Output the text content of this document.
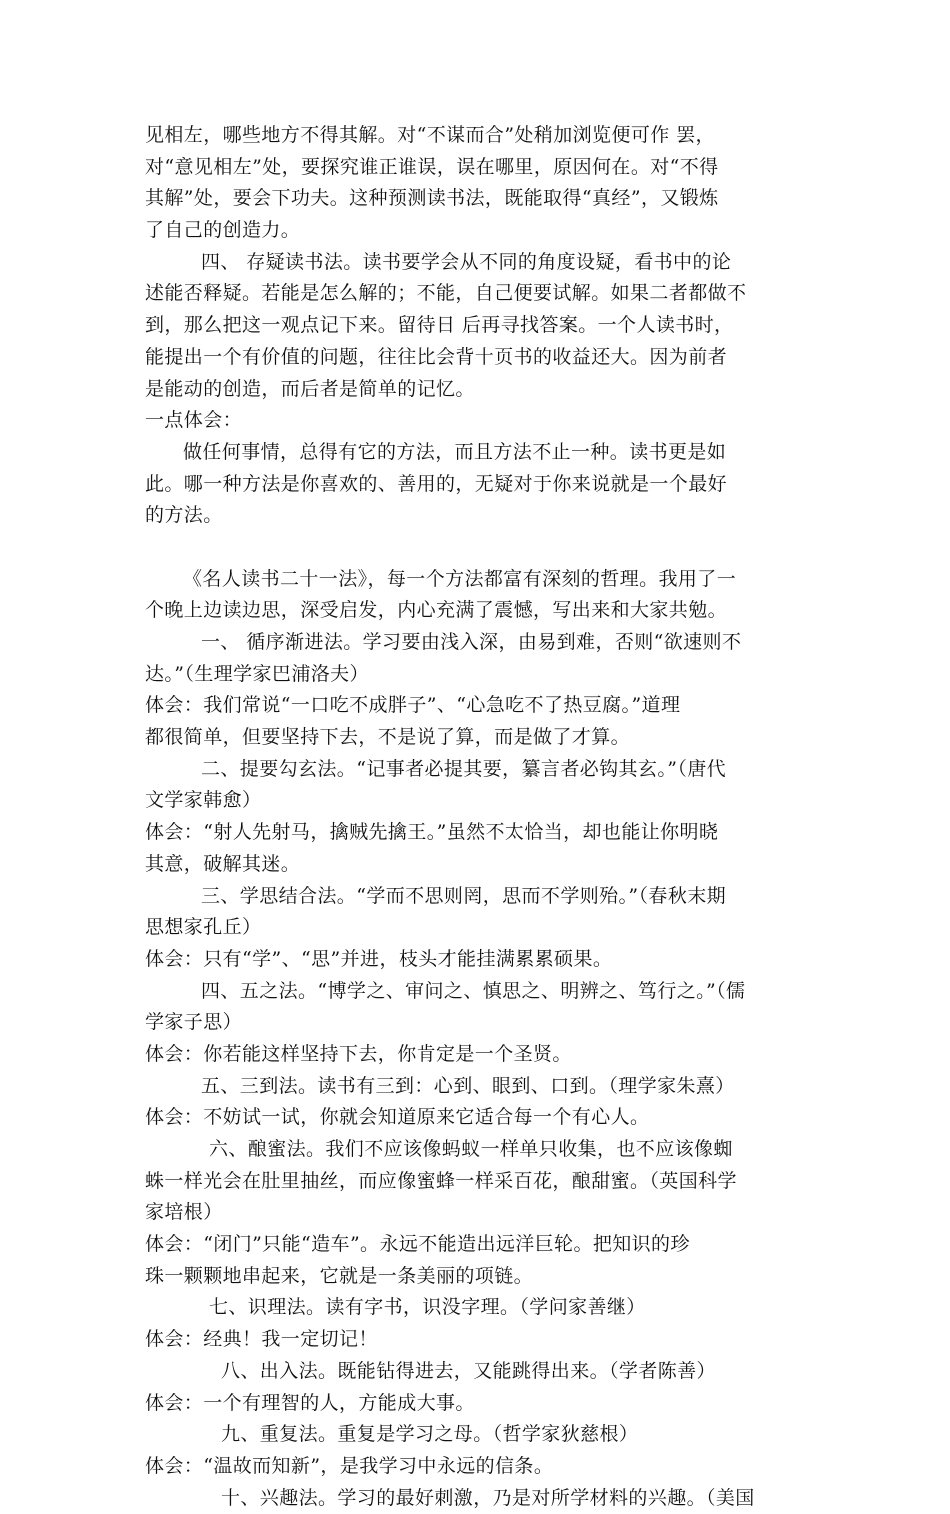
见相左，哪些地方不得其解。对“不谋而合”处稍加浏览便可作 罢，
对“意见相左”处，要探究谁正谁误，误在哪里，原因何在。对“不得
其解”处，要会下功夫。这种预测读书法，既能取得“真经”，又锻炼
了自己的创造力。
四、 存疑读书法。读书要学会从不同的角度设疑，看书中的论
述能否释疑。若能是怎么解的；不能，自己便要试解。如果二者都做不
到，那么把这一观点记下来。留待日 后再寻找答案。一个人读书时，
能提出一个有价值的问题，往往比会背十页书的收益还大。因为前者
是能动的创造，而后者是简单的记忆。
一点体会：
做任何事情，总得有它的方法，而且方法不止一种。读书更是如
此。哪一种方法是你喜欢的、善用的，无疑对于你来说就是一个最好
的方法。
《名人读书二十一法》，每一个方法都富有深刻的哲理。我用了一
个晚上边读边思，深受启发，内心充满了震憾，写出来和大家共勉。
一、 循序渐进法。学习要由浅入深，由易到难，否则“欲速则不
达。”（生理学家巴浦洛夫）
体会：我们常说“一口吃不成胖子”、“心急吃不了热豆腐。”道理
都很简单，但要坚持下去，不是说了算，而是做了才算。
二、提要勾玄法。“记事者必提其要，纂言者必钩其玄。”（唐代
文学家韩愈）
体会：“射人先射马，擒贼先擒王。”虽然不太恰当，却也能让你明晓
其意，破解其迷。
三、学思结合法。“学而不思则罔，思而不学则殆。”（春秋末期
思想家孔丘）
体会：只有“学”、“思”并进，枝头才能挂满累累硕果。
四、五之法。“博学之、审问之、慎思之、明辨之、笃行之。”（儒
学家子思）
体会：你若能这样坚持下去，你肯定是一个圣贤。
五、三到法。读书有三到：心到、眼到、口到。（理学家朱熹）
体会：不妨试一试，你就会知道原来它适合每一个有心人。
六、酿蜜法。我们不应该像蚂蚁一样单只收集，也不应该像蜘
蛛一样光会在肚里抽丝，而应像蜜蜂一样采百花，酿甜蜜。（英国科学
家培根）
体会：“闭门”只能“造车”。永远不能造出远洋巨轮。把知识的珍
珠一颗颗地串起来，它就是一条美丽的项链。
七、识理法。读有字书，识没字理。（学问家善继）
体会：经典！我一定切记！
八、出入法。既能钻得进去，又能跳得出来。（学者陈善）
体会：一个有理智的人，方能成大事。
九、重复法。重复是学习之母。（哲学家狄慈根）
体会：“温故而知新”，是我学习中永远的信条。
十、兴趣法。学习的最好刺激，乃是对所学材料的兴趣。（美国
